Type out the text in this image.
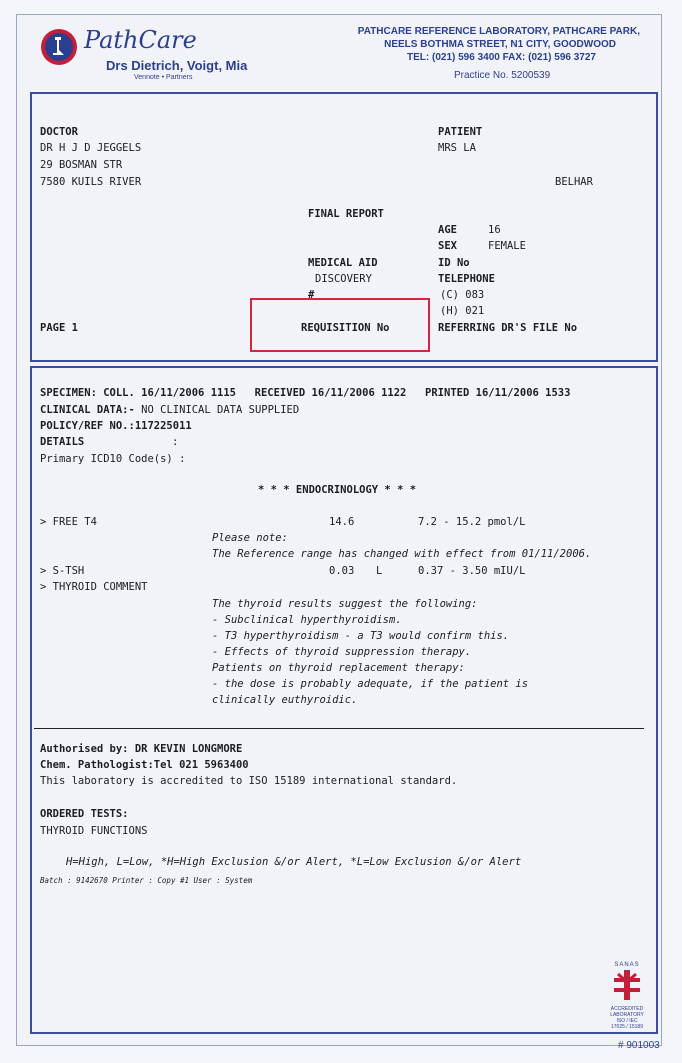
PathCare
Drs Dietrich, Voigt, Mia
Vennote • Partners
PATHCARE REFERENCE LABORATORY, PATHCARE PARK,
NEELS BOTHMA STREET, N1 CITY, GOODWOOD
TEL: (021) 596 3400 FAX: (021) 596 3727
Practice No. 5200539
DOCTOR
DR H J D JEGGELS
29 BOSMAN STR
7580 KUILS RIVER
PATIENT
MRS LA
BELHAR
FINAL REPORT
AGE	16
SEX	FEMALE
MEDICAL AID
DISCOVERY
#
ID No
TELEPHONE
(C) 083
(H) 021
PAGE 1	REQUISITION No	REFERRING DR'S FILE No
SPECIMEN: COLL. 16/11/2006 1115 RECEIVED 16/11/2006 1122 PRINTED 16/11/2006 1533
CLINICAL DATA:- NO CLINICAL DATA SUPPLIED
POLICY/REF NO.:117225011
DETAILS	:
Primary ICD10 Code(s) :
* * * ENDOCRINOLOGY * * *
> FREE T4	14.6	7.2 - 15.2 pmol/L
Please note:
The Reference range has changed with effect from 01/11/2006.
> S-TSH	0.03 L	0.37 - 3.50 mIU/L
> THYROID COMMENT
The thyroid results suggest the following:
- Subclinical hyperthyroidism.
- T3 hyperthyroidism - a T3 would confirm this.
- Effects of thyroid suppression therapy.
Patients on thyroid replacement therapy:
- the dose is probably adequate, if the patient is
clinically euthyroidic.
Authorised by: DR KEVIN LONGMORE
Chem. Pathologist:Tel 021 5963400
This laboratory is accredited to ISO 15189 international standard.
ORDERED TESTS:
THYROID FUNCTIONS
H=High, L=Low, *H=High Exclusion &/or Alert, *L=Low Exclusion &/or Alert
Batch : 9142670 Printer : Copy #1 User : System
SANAS
ACCREDITED
LABORATORY
ISO / IEC
17025 / 15189
# 901003
